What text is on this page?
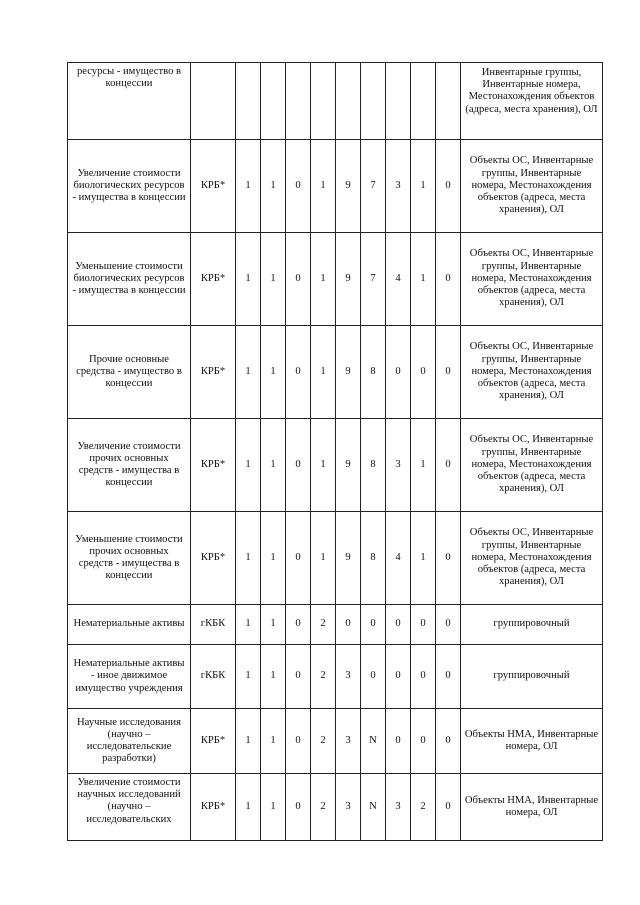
ресурсы - имущество в концессии											Инвентарные группы, Инвентарные номера, Местонахождения объектов (адреса, места хранения), ОЛ
Увеличение стоимости биологических ресурсов - имущества в концессии	КРБ*	1	1	0	1	9	7	3	1	0	Объекты ОС, Инвентарные группы, Инвентарные номера, Местонахождения объектов (адреса, места хранения), ОЛ
Уменьшение стоимости биологических ресурсов - имущества в концессии	КРБ*	1	1	0	1	9	7	4	1	0	Объекты ОС, Инвентарные группы, Инвентарные номера, Местонахождения объектов (адреса, места хранения), ОЛ
Прочие основные средства - имущество в концессии	КРБ*	1	1	0	1	9	8	0	0	0	Объекты ОС, Инвентарные группы, Инвентарные номера, Местонахождения объектов (адреса, места хранения), ОЛ
Увеличение стоимости прочих основных средств - имущества в концессии	КРБ*	1	1	0	1	9	8	3	1	0	Объекты ОС, Инвентарные группы, Инвентарные номера, Местонахождения объектов (адреса, места хранения), ОЛ
Уменьшение стоимости прочих основных средств - имущества в концессии	КРБ*	1	1	0	1	9	8	4	1	0	Объекты ОС, Инвентарные группы, Инвентарные номера, Местонахождения объектов (адреса, места хранения), ОЛ
Нематериальные активы	гКБК	1	1	0	2	0	0	0	0	0	группировочный
Нематериальные активы - иное движимое имущество учреждения	гКБК	1	1	0	2	3	0	0	0	0	группировочный
Научные исследования (научно – исследовательские разработки)	КРБ*	1	1	0	2	3	N	0	0	0	Объекты НМА, Инвентарные номера, ОЛ
Увеличение стоимости научных исследований (научно – исследовательских	КРБ*	1	1	0	2	3	N	3	2	0	Объекты НМА, Инвентарные номера, ОЛ
